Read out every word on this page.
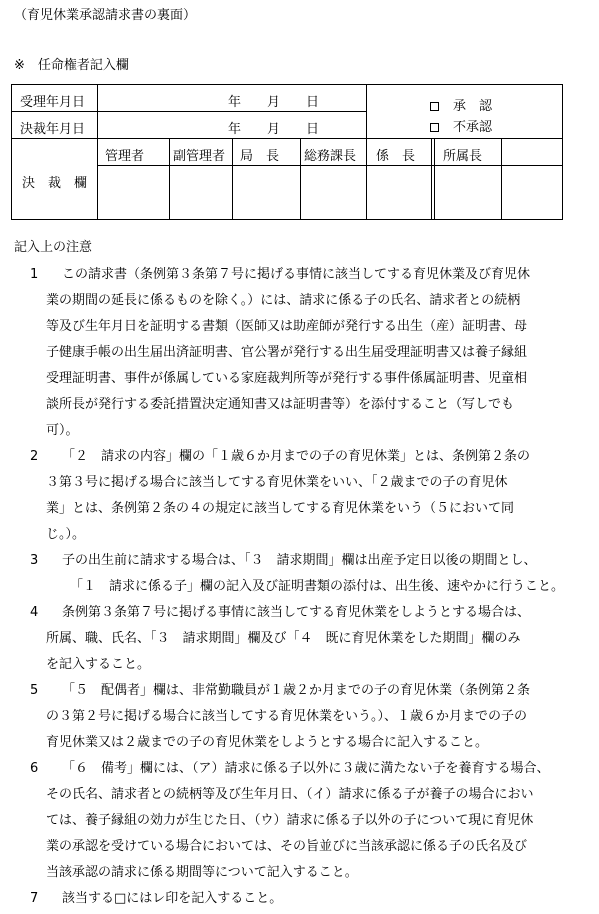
（育児休業承認請求書の裏面）
※　任命権者記入欄
受理年月日
決裁年月日
年　　月　　日
年　　月　　日
承　認
不承認
決　裁　欄
管理者 副管理者 局　長 総務課長 係　長 所属長
記入上の注意
1 この請求書（条例第３条第７号に掲げる事情に該当してする育児休業及び育児休
業の期間の延長に係るものを除く。）には、請求に係る子の氏名、請求者との続柄
等及び生年月日を証明する書類（医師又は助産師が発行する出生（産）証明書、母
子健康手帳の出生届出済証明書、官公署が発行する出生届受理証明書又は養子縁組
受理証明書、事件が係属している家庭裁判所等が発行する事件係属証明書、児童相
談所長が発行する委託措置決定通知書又は証明書等）を添付すること（写しでも
可）。
2 「２　請求の内容」欄の「１歳６か月までの子の育児休業」とは、条例第２条の
３第３号に掲げる場合に該当してする育児休業をいい、「２歳までの子の育児休
業」とは、条例第２条の４の規定に該当してする育児休業をいう（５において同
じ。）。
3 子の出生前に請求する場合は、「３　請求期間」欄は出産予定日以後の期間とし、
「１　請求に係る子」欄の記入及び証明書類の添付は、出生後、速やかに行うこと。
4 条例第３条第７号に掲げる事情に該当してする育児休業をしようとする場合は、
所属、職、氏名、「３　請求期間」欄及び「４　既に育児休業をした期間」欄のみ
を記入すること。
5 「５　配偶者」欄は、非常勤職員が１歳２か月までの子の育児休業（条例第２条
の３第２号に掲げる場合に該当してする育児休業をいう。）、１歳６か月までの子の
育児休業又は２歳までの子の育児休業をしようとする場合に記入すること。
6 「６　備考」欄には、（ア）請求に係る子以外に３歳に満たない子を養育する場合、
その氏名、請求者との続柄等及び生年月日、（イ）請求に係る子が養子の場合におい
ては、養子縁組の効力が生じた日、（ウ）請求に係る子以外の子について現に育児休
業の承認を受けている場合においては、その旨並びに当該承認に係る子の氏名及び
当該承認の請求に係る期間等について記入すること。
7 該当する□にはレ印を記入すること。
